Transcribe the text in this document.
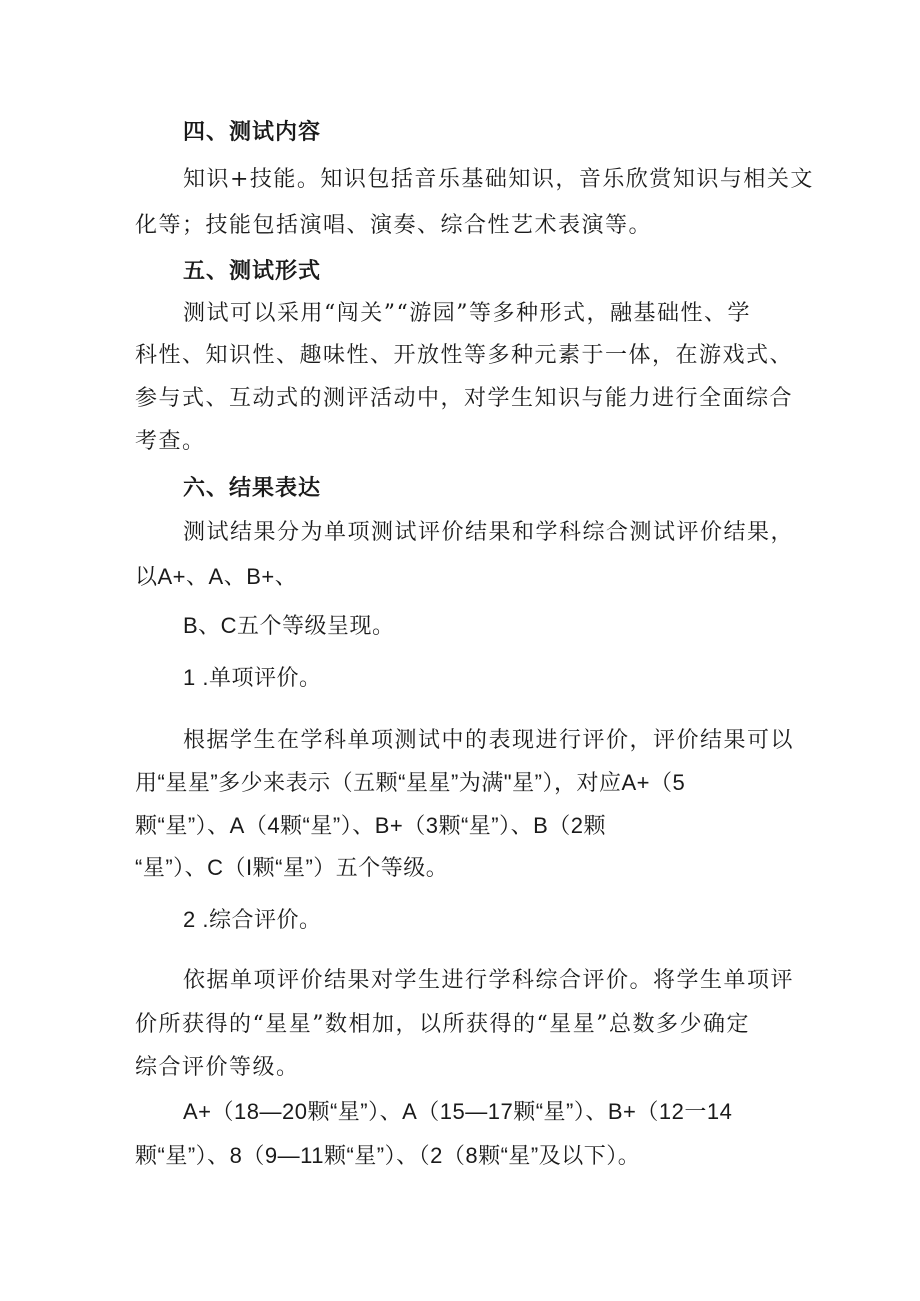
四、测试内容
知识+技能。知识包括音乐基础知识，音乐欣赏知识与相关文
化等；技能包括演唱、演奏、综合性艺术表演等。
五、测试形式
测试可以采用“闯关”“游园”等多种形式，融基础性、学
科性、知识性、趣味性、开放性等多种元素于一体，在游戏式、
参与式、互动式的测评活动中，对学生知识与能力进行全面综合
考查。
六、结果表达
测试结果分为单项测试评价结果和学科综合测试评价结果，
以A+、A、B+、
B、C五个等级呈现。
1 .单项评价。
根据学生在学科单项测试中的表现进行评价，评价结果可以
用“星星”多少来表示（五颗“星星”为满"星”），对应A+（5
颗“星”）、A（4颗“星”）、B+（3颗“星”）、B（2颗
“星”）、C（I颗“星”）五个等级。
2 .综合评价。
依据单项评价结果对学生进行学科综合评价。将学生单项评
价所获得的“星星”数相加，以所获得的“星星”总数多少确定
综合评价等级。
A+（18—20颗“星”）、A（15—17颗“星”）、B+（12一14
颗“星”）、8（9—11颗“星”）、（2（8颗“星”及以下）。
